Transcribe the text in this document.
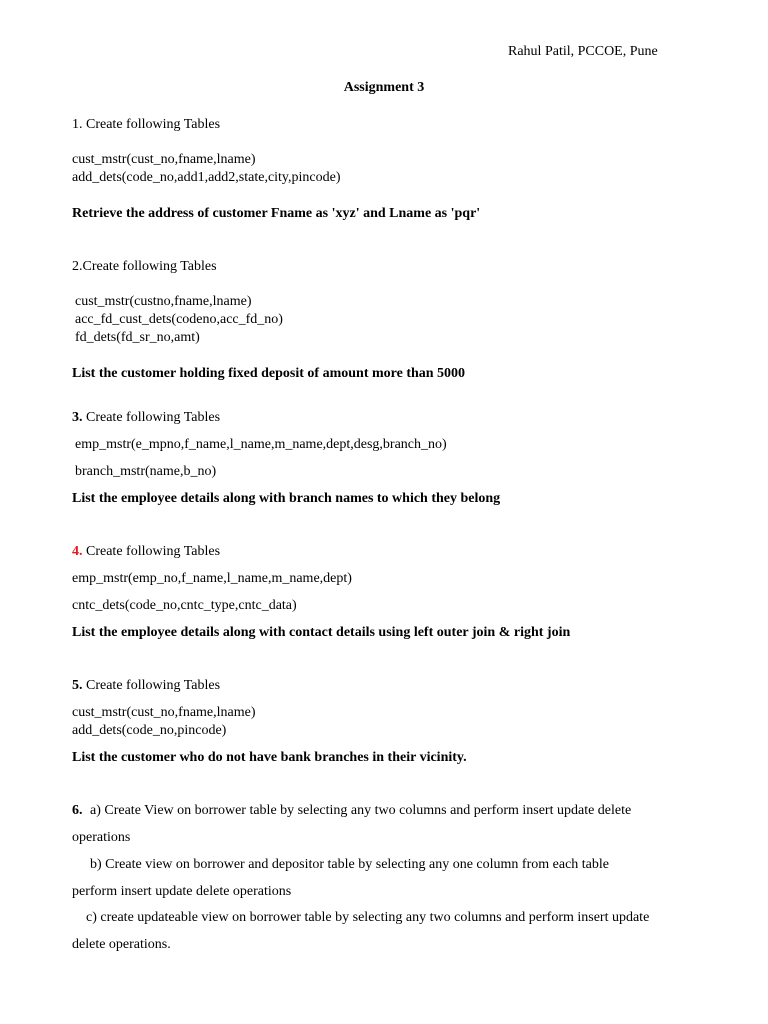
Rahul Patil, PCCOE, Pune
Assignment 3
1. Create following Tables
cust_mstr(cust_no,fname,lname)
add_dets(code_no,add1,add2,state,city,pincode)
Retrieve the address of customer Fname as 'xyz' and Lname as 'pqr'
2.Create following Tables
cust_mstr(custno,fname,lname)
acc_fd_cust_dets(codeno,acc_fd_no)
fd_dets(fd_sr_no,amt)
List the customer holding fixed deposit of amount more than 5000
3. Create following Tables
emp_mstr(e_mpno,f_name,l_name,m_name,dept,desg,branch_no)
branch_mstr(name,b_no)
List the employee details along with branch names to which they belong
4. Create following Tables
emp_mstr(emp_no,f_name,l_name,m_name,dept)
cntc_dets(code_no,cntc_type,cntc_data)
List the employee details along with contact details using left outer join & right join
5. Create following Tables
cust_mstr(cust_no,fname,lname)
add_dets(code_no,pincode)
List the customer who do not have bank branches in their vicinity.
6. a) Create View on borrower table by selecting any two columns and perform insert update delete
operations
b) Create view on borrower and depositor table by selecting any one column from each table
perform insert update delete operations
c) create updateable view on borrower table by selecting any two columns and perform insert update
delete operations.
